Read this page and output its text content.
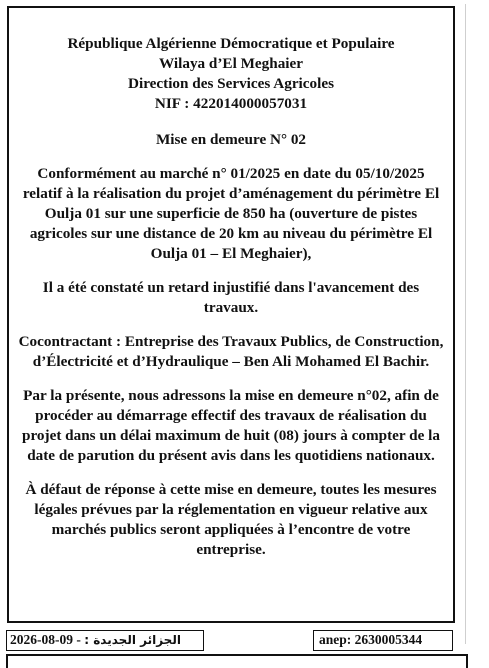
République Algérienne Démocratique et Populaire

Wilaya d’El Meghaier

Direction des Services Agricoles

NIF : 422014000057031

Mise en demeure N° 02

Conformément au marché n° 01/2025 en date du 05/10/2025 relatif à la réalisation du projet d’aménagement du périmètre El Oulja 01 sur une superficie de 850 ha (ouverture de pistes agricoles sur une distance de 20 km au niveau du périmètre El Oulja 01 – El Meghaier),

Il a été constaté un retard injustifié dans l'avancement des travaux.

Cocontractant : Entreprise des Travaux Publics, de Construction, d’Électricité et d’Hydraulique – Ben Ali Mohamed El Bachir.

Par la présente, nous adressons la mise en demeure n°02, afin de procéder au démarrage effectif des travaux de réalisation du projet dans un délai maximum de huit (08) jours à compter de la date de parution du présent avis dans les quotidiens nationaux.

À défaut de réponse à cette mise en demeure, toutes les mesures légales prévues par la réglementation en vigueur relative aux marchés publics seront appliquées à l’encontre de votre entreprise.

2026-08-09 - الجزائر الجديدة :	anep: 2630005344
